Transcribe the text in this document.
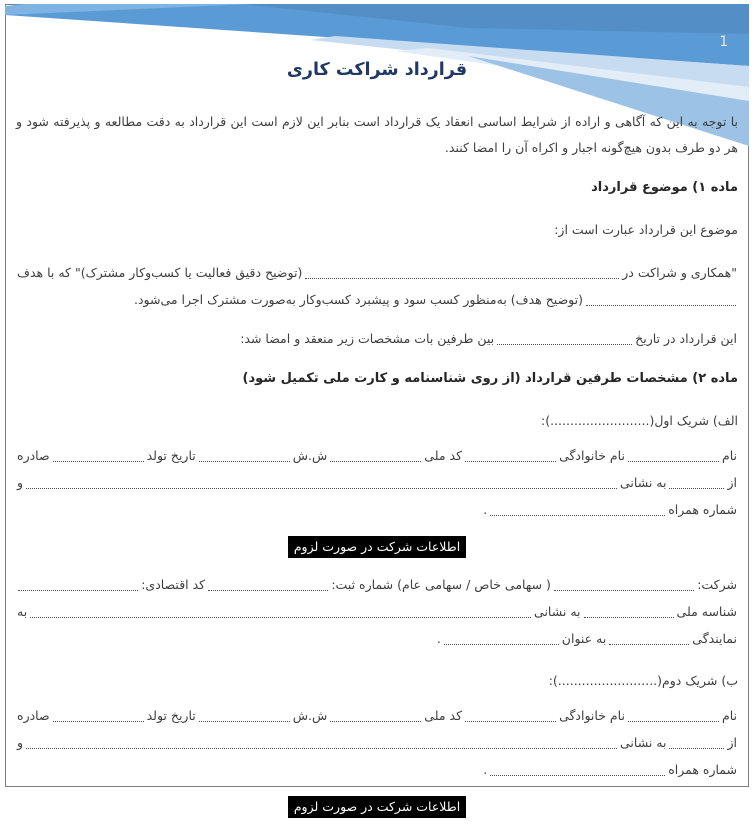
1
قرارداد شراکت کاری

با توجه به این که آگاهی و اراده از شرایط اساسی انعقاد یک قرارداد است بنابر این لازم است این قرارداد به دقت مطالعه و پذیرفته شود و هر دو طرف بدون هیچ‌گونه اجبار و اکراه آن را امضا کنند.

ماده ۱) موضوع قرارداد

موضوع این قرارداد عبارت است از:

"همکاری و شراکت در
(توضیح دقیق فعالیت یا کسب‌وکار مشترک)" که با هدف
(توضیح هدف) به‌منظور کسب سود و پیشبرد کسب‌وکار به‌صورت مشترک اجرا می‌شود.
این قرارداد در تاریخ
بین طرفین بات مشخصات زیر منعقد و امضا شد:

ماده ۲) مشخصات طرفین قرارداد (از روی شناسنامه و کارت ملی تکمیل شود)

الف) شریک اول(.........................):

نام
نام خانوادگی
کد ملی
ش.ش
تاریخ تولد
صادره
از
به نشانی
و
شماره همراه
.
اطلاعات شرکت در صورت لزوم
شرکت:
( سهامی خاص / سهامی عام) شماره ثبت:
کد اقتصادی:
شناسه ملی
به نشانی
به
نمایندگی
به عنوان
.

ب) شریک دوم(.........................):

نام
نام خانوادگی
کد ملی
ش.ش
تاریخ تولد
صادره
از
به نشانی
و
شماره همراه
.
اطلاعات شرکت در صورت لزوم
